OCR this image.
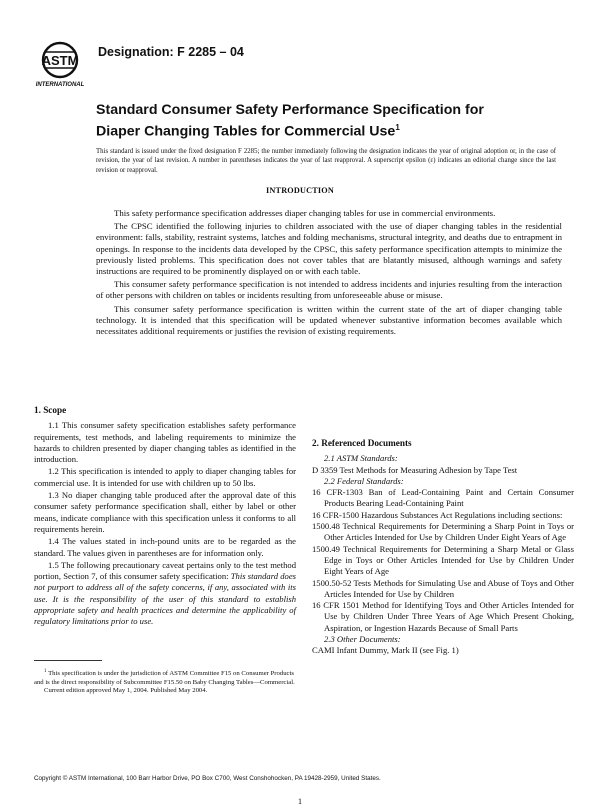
ASTM
INTERNATIONAL
Designation: F 2285 – 04
Standard Consumer Safety Performance Specification for
Diaper Changing Tables for Commercial Use$^1$
This standard is issued under the fixed designation F 2285; the number immediately following the designation indicates the year of original adoption or, in the case of revision, the year of last revision. A number in parentheses indicates the year of last reapproval. A superscript epsilon (ε) indicates an editorial change since the last revision or reapproval.
INTRODUCTION

This safety performance specification addresses diaper changing tables for use in commercial environments.

The CPSC identified the following injuries to children associated with the use of diaper changing tables in the residential environment: falls, stability, restraint systems, latches and folding mechanisms, structural integrity, and deaths due to entrapment in openings. In response to the incidents data developed by the CPSC, this safety performance specification attempts to minimize the previously listed problems. This specification does not cover tables that are blatantly misused, although warnings and safety instructions are required to be prominently displayed on or with each table.

This consumer safety performance specification is not intended to address incidents and injuries resulting from the interaction of other persons with children on tables or incidents resulting from unforeseeable abuse or misuse.

This consumer safety performance specification is written within the current state of the art of diaper changing table technology. It is intended that this specification will be updated whenever substantive information becomes available which necessitates additional requirements or justifies the revision of existing requirements.

1. Scope

1.1 This consumer safety specification establishes safety performance requirements, test methods, and labeling requirements to minimize the hazards to children presented by diaper changing tables as identified in the introduction.

1.2 This specification is intended to apply to diaper changing tables for commercial use. It is intended for use with children up to 50 lbs.

1.3 No diaper changing table produced after the approval date of this consumer safety performance specification shall, either by label or other means, indicate compliance with this specification unless it conforms to all requirements herein.

1.4 The values stated in inch-pound units are to be regarded as the standard. The values given in parentheses are for information only.

1.5 The following precautionary caveat pertains only to the test method portion, Section 7, of this consumer safety specification: This standard does not purport to address all of the safety concerns, if any, associated with its use. It is the responsibility of the user of this standard to establish appropriate safety and health practices and determine the applicability of regulatory limitations prior to use.

2. Referenced Documents

2.1 ASTM Standards:

D 3359 Test Methods for Measuring Adhesion by Tape Test

2.2 Federal Standards:

16 CFR-1303 Ban of Lead-Containing Paint and Certain Consumer Products Bearing Lead-Containing Paint

16 CFR-1500 Hazardous Substances Act Regulations including sections:

1500.48 Technical Requirements for Determining a Sharp Point in Toys or Other Articles Intended for Use by Children Under Eight Years of Age

1500.49 Technical Requirements for Determining a Sharp Metal or Glass Edge in Toys or Other Articles Intended for Use by Children Under Eight Years of Age

1500.50-52 Tests Methods for Simulating Use and Abuse of Toys and Other Articles Intended for Use by Children

16 CFR 1501 Method for Identifying Toys and Other Articles Intended for Use by Children Under Three Years of Age Which Present Choking, Aspiration, or Ingestion Hazards Because of Small Parts

2.3 Other Documents:

CAMI Infant Dummy, Mark II (see Fig. 1)

$^1$ This specification is under the jurisdiction of ASTM Committee F15 on Consumer Products and is the direct responsibility of Subcommittee F15.50 on Baby Changing Tables—Commercial.

Current edition approved May 1, 2004. Published May 2004.

Copyright © ASTM International, 100 Barr Harbor Drive, PO Box C700, West Conshohocken, PA 19428-2959, United States.
1
